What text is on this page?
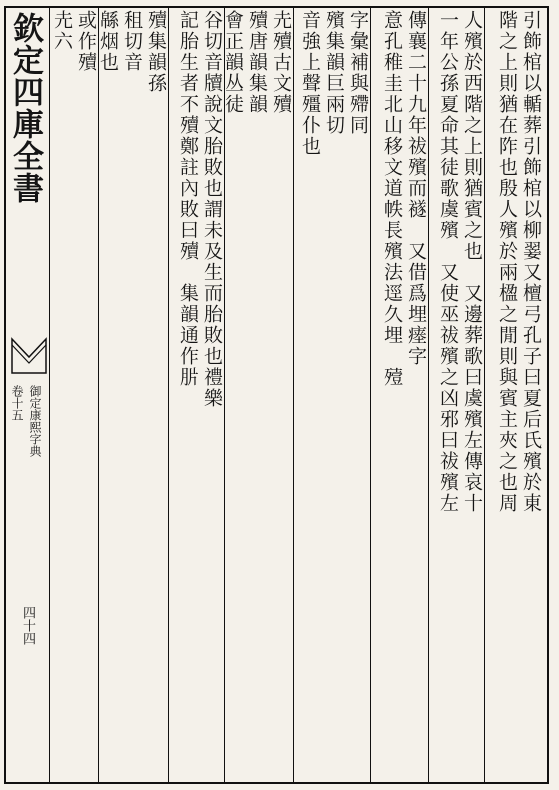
引飾棺以輴葬引飾棺以柳翣又檀弓孔子曰夏后氏殯於東
階之上則猶在阼也殷人殯於兩楹之閒則與賓主夾之也周
人殯於西階之上則猶賓之也　又邊葬歌曰虞殯左傳哀十
一年公孫夏命其徒歌虞殯　又使巫祓殯之凶邪曰祓殯左
傳襄二十九年祓殯而襚　又借爲埋瘗字
意孔稚圭北山移文道帙長殯法逕久埋　殪
字彙補與殢同
殯集韻巨兩切
音強上聲殭仆也
圥殰古文殰
殰唐韻集韻
會正韻丛徒
谷切音牘說文胎敗也謂未及生而胎敗也禮樂
記胎生者不殰鄭註內敗曰殰　集韻通作䏒
殰集韻孫
租切音
緜烟也
或作殰
圥六
欽定四庫全書
御定康熙字典
卷十五
四十四
